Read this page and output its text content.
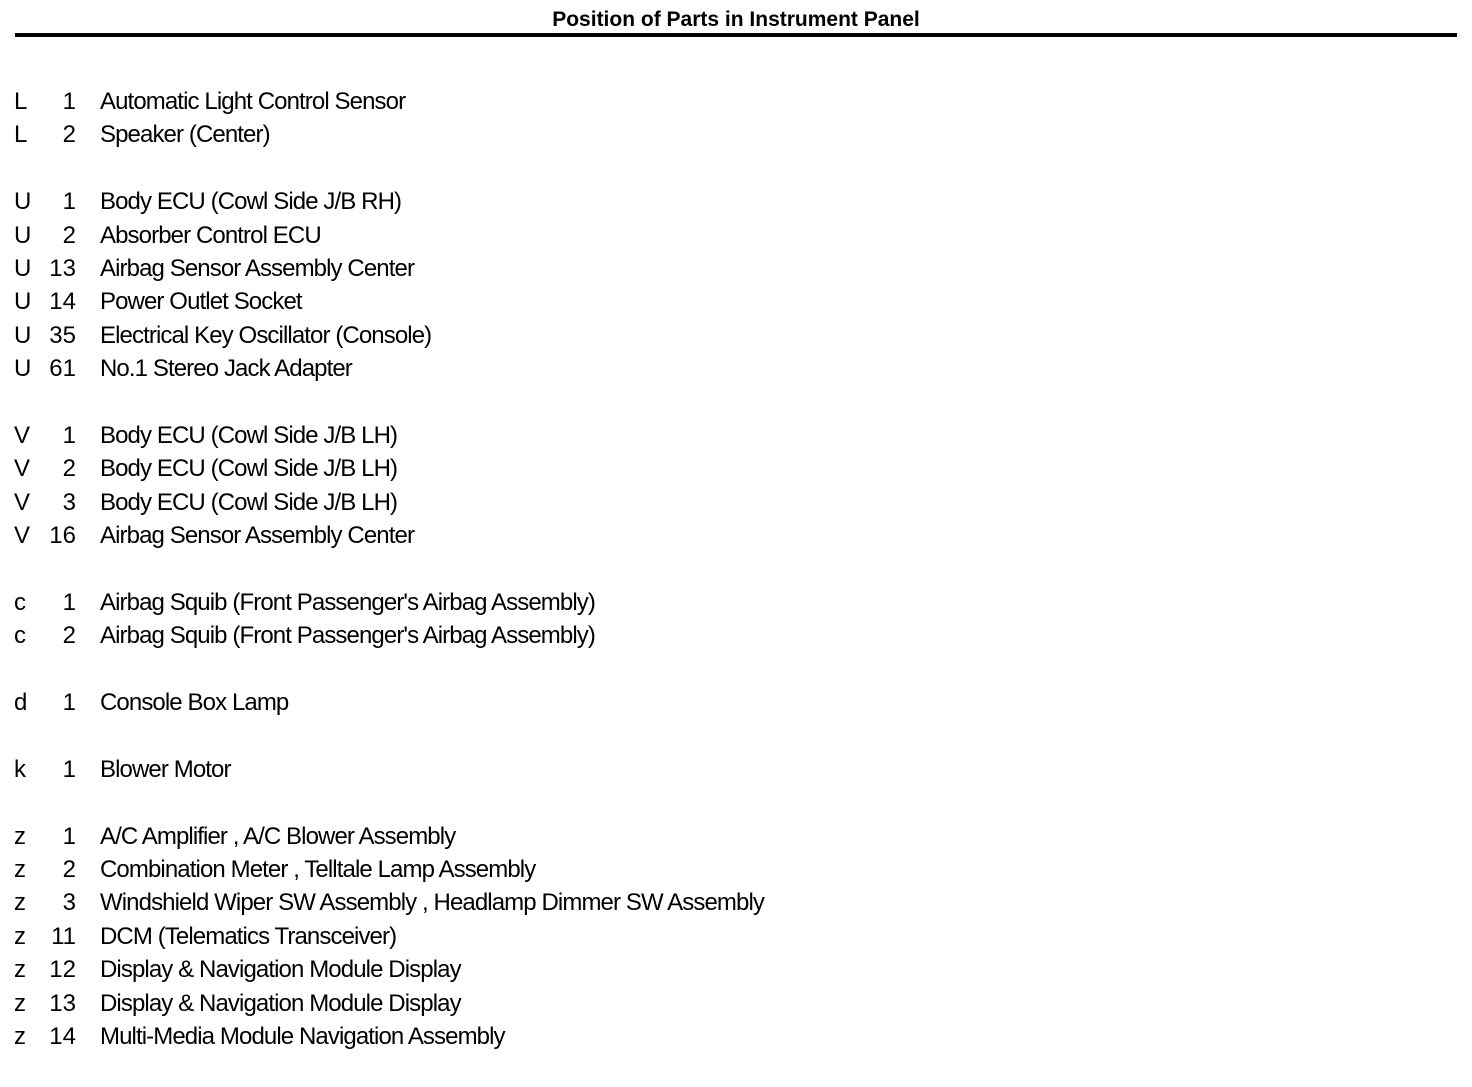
Position of Parts in Instrument Panel
L	1 Automatic Light Control Sensor
L	2 Speaker (Center)
U	1 Body ECU (Cowl Side J/B RH)
U	2 Absorber Control ECU
U 13 Airbag Sensor Assembly Center
U 14 Power Outlet Socket
U 35 Electrical Key Oscillator (Console)
U 61 No.1 Stereo Jack Adapter
V	1 Body ECU (Cowl Side J/B LH)
V	2 Body ECU (Cowl Side J/B LH)
V	3 Body ECU (Cowl Side J/B LH)
V 16 Airbag Sensor Assembly Center
c	1 Airbag Squib (Front Passenger's Airbag Assembly)
c	2 Airbag Squib (Front Passenger's Airbag Assembly)
d	1 Console Box Lamp
k	1 Blower Motor
z	1 A/C Amplifier , A/C Blower Assembly
z	2 Combination Meter , Telltale Lamp Assembly
z	3 Windshield Wiper SW Assembly , Headlamp Dimmer SW Assembly
z	11 DCM (Telematics Transceiver)
z 12 Display & Navigation Module Display
z 13 Display & Navigation Module Display
z 14 Multi-Media Module Navigation Assembly
